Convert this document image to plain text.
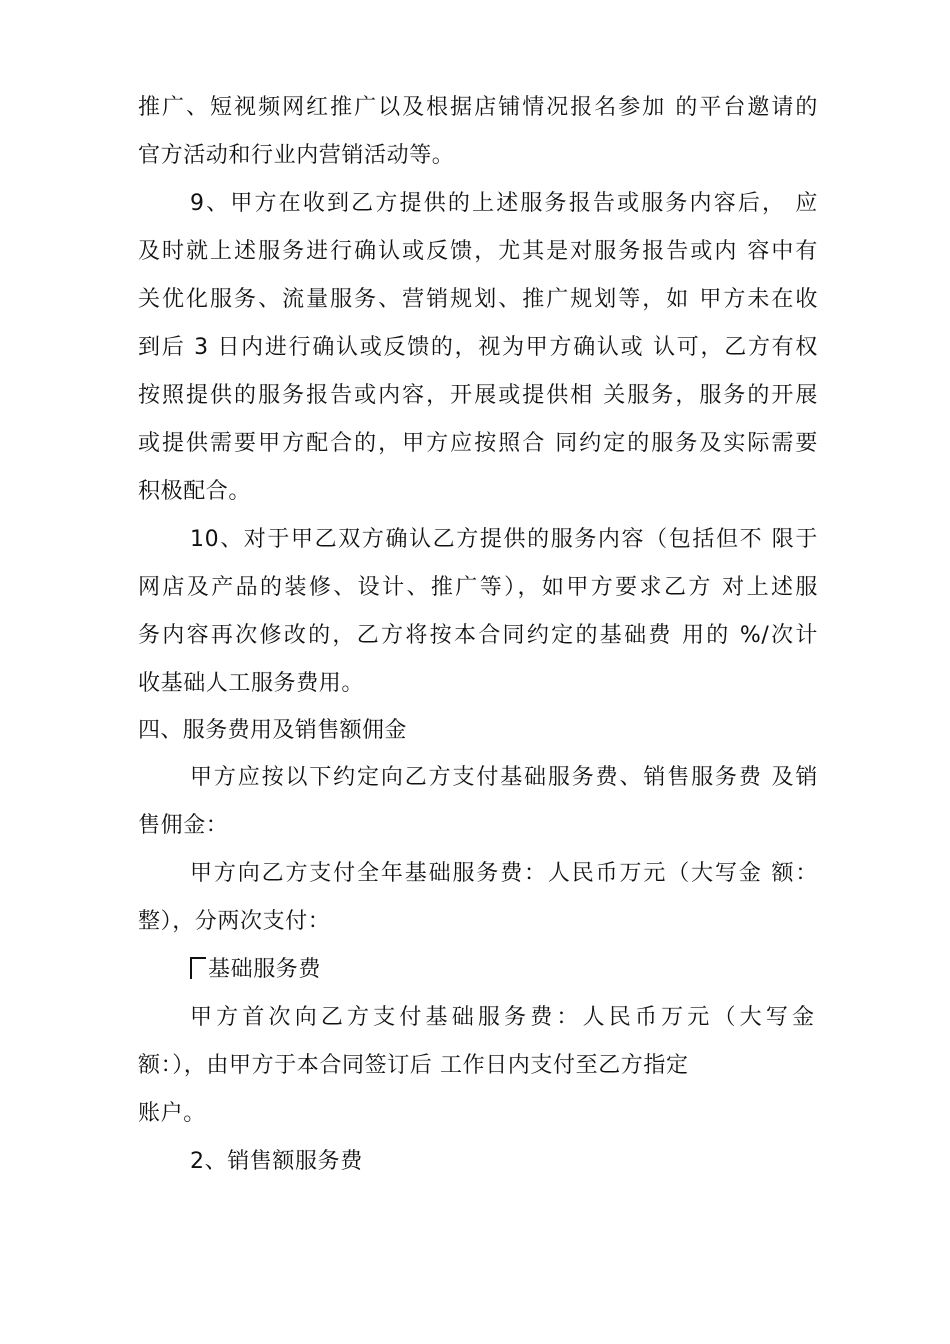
推广、短视频网红推广以及根据店铺情况报名参加 的平台邀请的
官方活动和行业内营销活动等。
9、甲方在收到乙方提供的上述服务报告或服务内容后， 应
及时就上述服务进行确认或反馈，尤其是对服务报告或内 容中有
关优化服务、流量服务、营销规划、推广规划等，如 甲方未在收
到后 3 日内进行确认或反馈的，视为甲方确认或 认可，乙方有权
按照提供的服务报告或内容，开展或提供相 关服务，服务的开展
或提供需要甲方配合的，甲方应按照合 同约定的服务及实际需要
积极配合。
10、对于甲乙双方确认乙方提供的服务内容（包括但不 限于
网店及产品的装修、设计、推广等），如甲方要求乙方 对上述服
务内容再次修改的，乙方将按本合同约定的基础费 用的 %/次计
收基础人工服务费用。
四、服务费用及销售额佣金
甲方应按以下约定向乙方支付基础服务费、销售服务费 及销
售佣金：
甲方向乙方支付全年基础服务费：人民币万元（大写金 额：
整），分两次支付：
基础服务费
甲方首次向乙方支付基础服务费：人民币万元（大写金
额：），由甲方于本合同签订后 工作日内支付至乙方指定
账户。
2、销售额服务费
